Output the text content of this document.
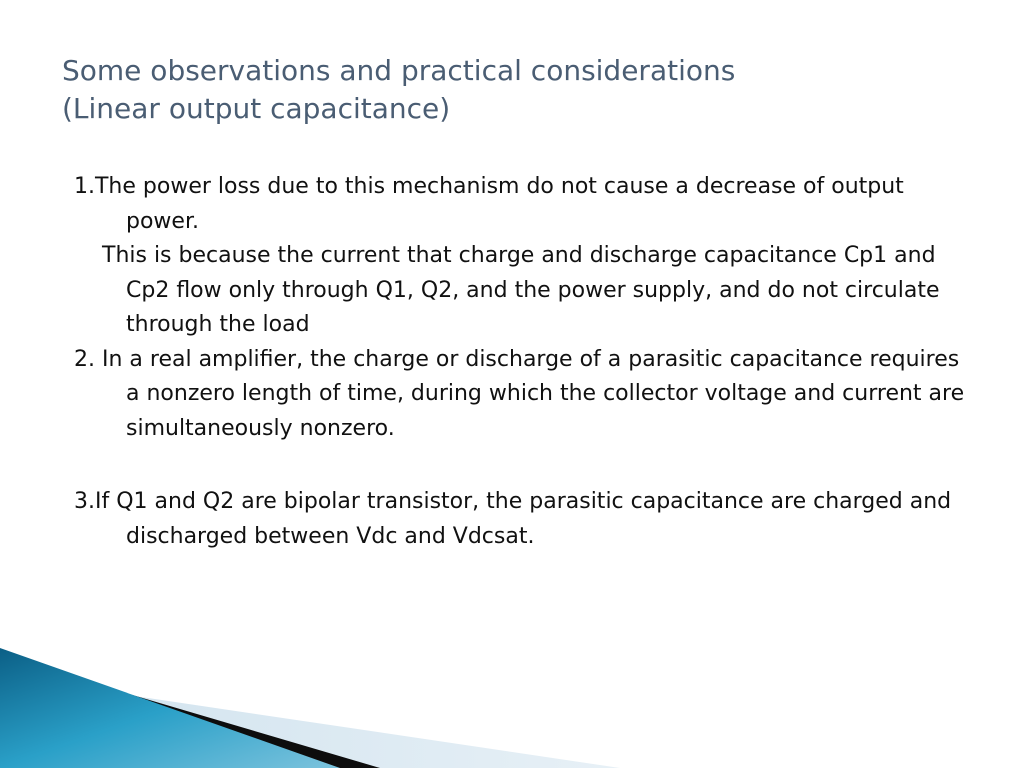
Some observations and practical considerations
(Linear output capacitance)

1.The power loss due to this mechanism do not cause a decrease of output power.

This is because the current that charge and discharge capacitance Cp1 and Cp2 flow only through Q1, Q2, and the power supply, and do not circulate through the load

2. In a real amplifier, the charge or discharge of a parasitic capacitance requires a nonzero length of time, during which the collector voltage and current are simultaneously nonzero.

3.If Q1 and Q2 are bipolar transistor, the parasitic capacitance are charged and discharged between Vdc and Vdcsat.
